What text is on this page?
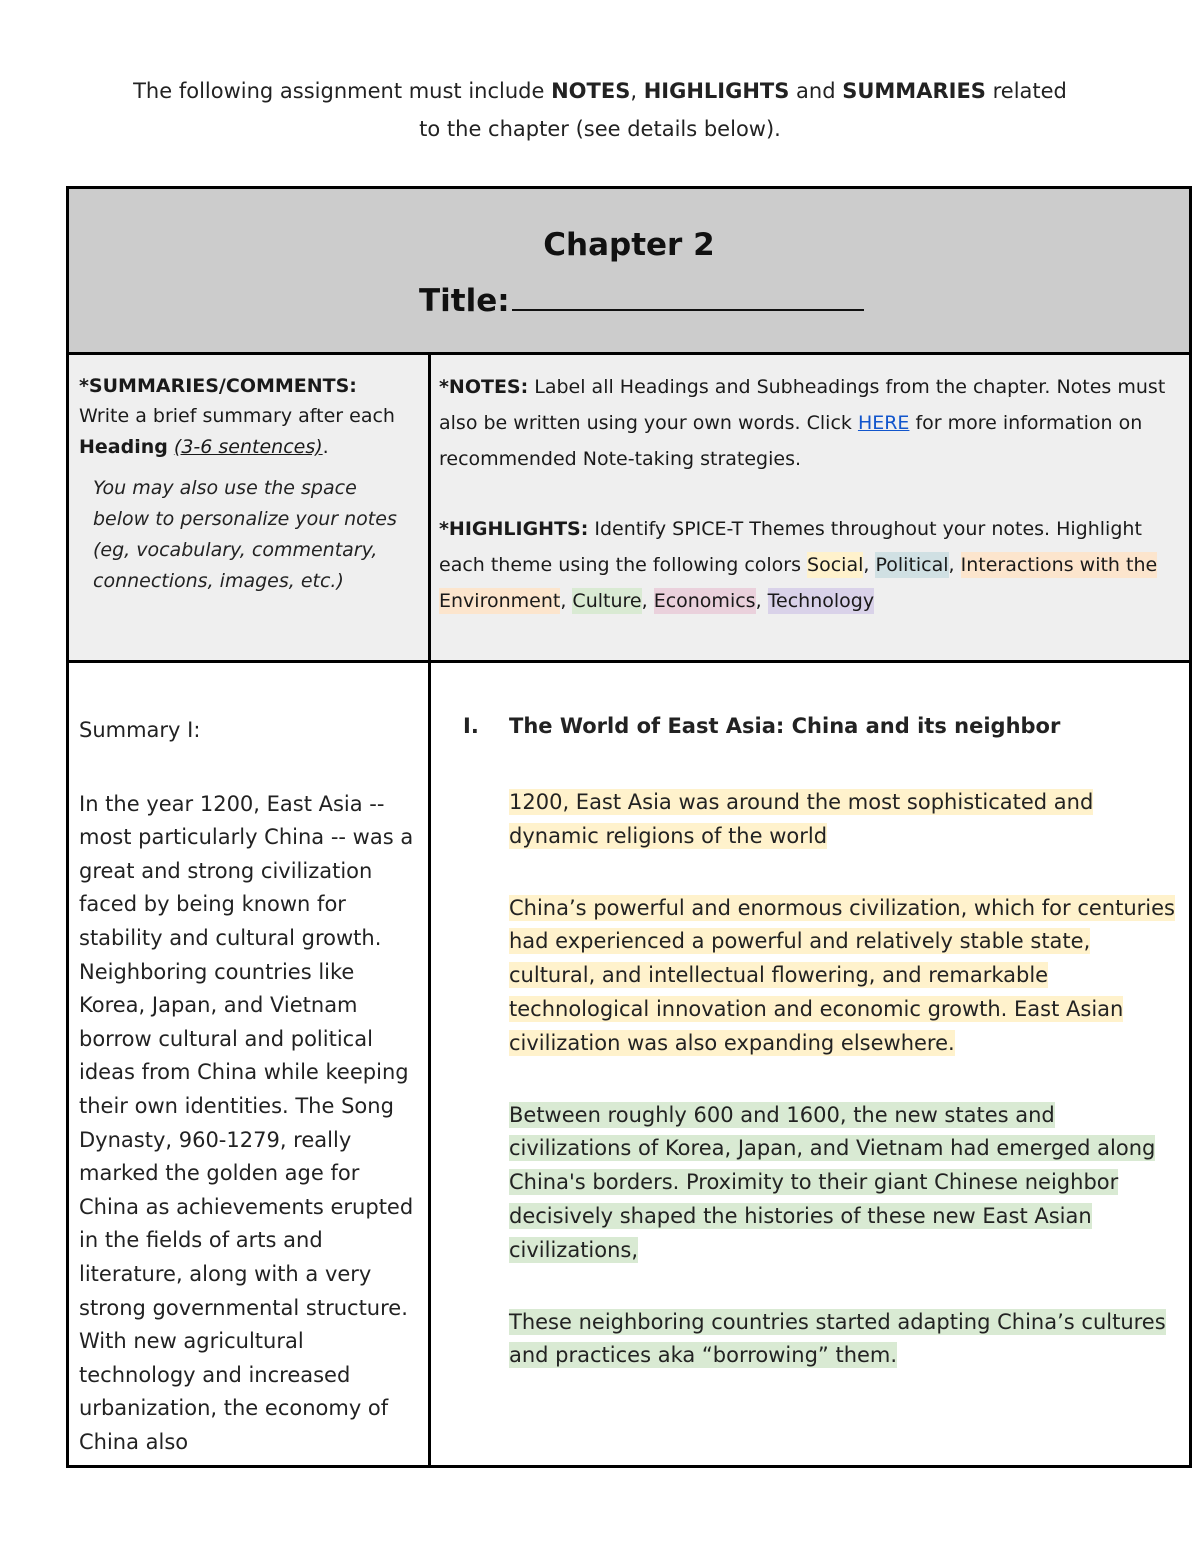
The following assignment must include NOTES, HIGHLIGHTS and SUMMARIES related
to the chapter (see details below).
Chapter 2
Title:
*SUMMARIES/COMMENTS:
Write a brief summary after each Heading (3-6 sentences).
You may also use the space below to personalize your notes (eg, vocabulary, commentary, connections, images, etc.)
*NOTES: Label all Headings and Subheadings from the chapter. Notes must also be written using your own words. Click HERE for more information on recommended Note-taking strategies.
*HIGHLIGHTS: Identify SPICE-T Themes throughout your notes. Highlight each theme using the following colors Social, Political, Interactions with the Environment, Culture, Economics, Technology
Summary I:
In the year 1200, East Asia -- most particularly China -- was a great and strong civilization faced by being known for stability and cultural growth. Neighboring countries like Korea, Japan, and Vietnam borrow cultural and political ideas from China while keeping their own identities. The Song Dynasty, 960-1279, really marked the golden age for China as achievements erupted in the fields of arts and literature, along with a very strong governmental structure. With new agricultural technology and increased urbanization, the economy of China also
I. The World of East Asia: China and its neighbor
1200, East Asia was around the most sophisticated and dynamic religions of the world
China’s powerful and enormous civilization, which for centuries had experienced a powerful and relatively stable state, cultural, and intellectual flowering, and remarkable technological innovation and economic growth. East Asian civilization was also expanding elsewhere.
Between roughly 600 and 1600, the new states and civilizations of Korea, Japan, and Vietnam had emerged along China's borders. Proximity to their giant Chinese neighbor decisively shaped the histories of these new East Asian civilizations,
These neighboring countries started adapting China’s cultures and practices aka “borrowing” them.
